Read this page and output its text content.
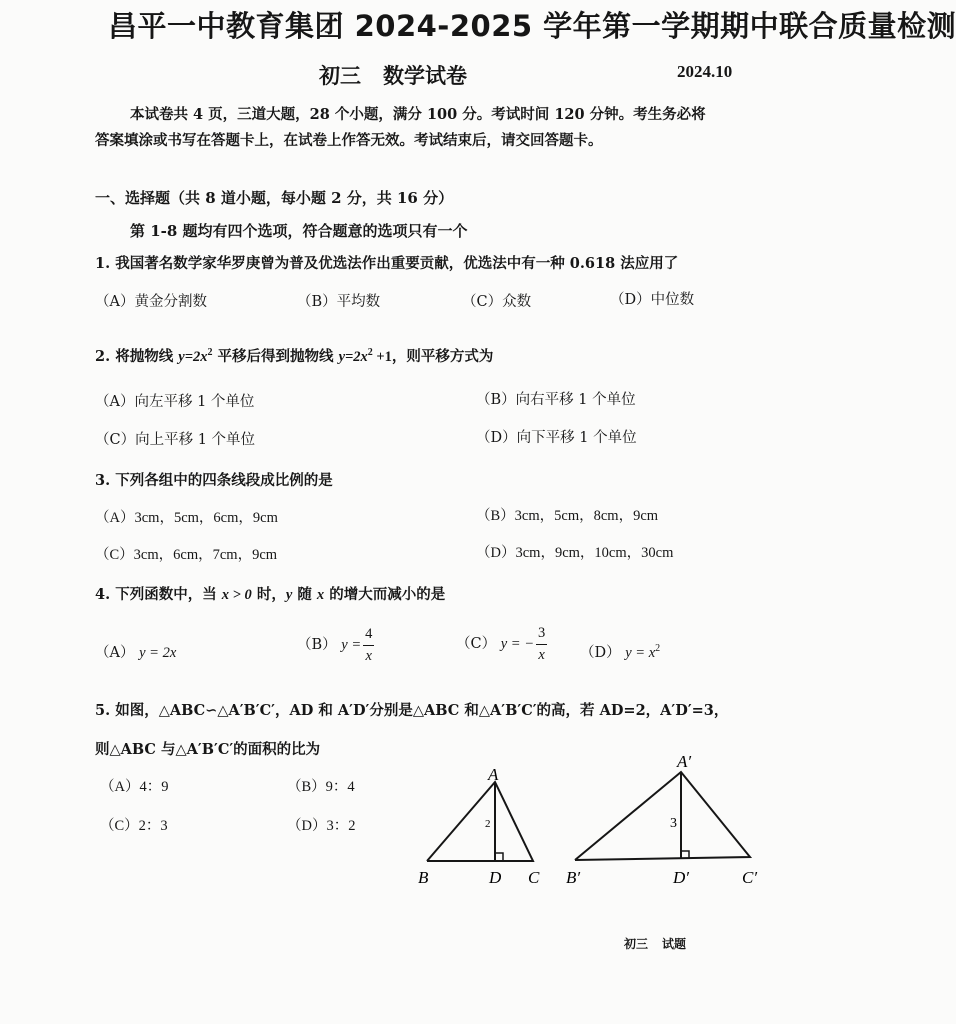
昌平一中教育集团 2024-2025 学年第一学期期中联合质量检测
初三 数学试卷	2024.10
本试卷共 4 页，三道大题，28 个小题，满分 100 分。考试时间 120 分钟。考生务必将
答案填涂或书写在答题卡上，在试卷上作答无效。考试结束后，请交回答题卡。
一、选择题（共 8 道小题，每小题 2 分，共 16 分）
第 1-8 题均有四个选项，符合题意的选项只有一个
1. 我国著名数学家华罗庚曾为普及优选法作出重要贡献，优选法中有一种 0.618 法应用了
（A）黄金分割数	（B）平均数	（C）众数	（D）中位数
2. 将抛物线 $y=2x^2$ 平移后得到抛物线 $y=2x^2 +1$，则平移方式为
（A）向左平移 1 个单位	（B）向右平移 1 个单位
（C）向上平移 1 个单位	（D）向下平移 1 个单位
3. 下列各组中的四条线段成比例的是
（A）3cm，5cm，6cm，9cm	（B）3cm，5cm，8cm，9cm
（C）3cm，6cm，7cm，9cm	（D）3cm，9cm，10cm，30cm
4. 下列函数中，当 x > 0 时，y 随 x 的增大而减小的是
（A） y = 2x	（B） $y = \frac{4}{x}$	（C） y = − $\frac{3}{x} (D) y = x^2$
5. 如图，△ABC∽△A′B′C′，AD 和 A′D′分别是△ABC 和△A′B′C′的高，若 AD=2，A′D′=3，
则△ABC 与△A′B′C′的面积的比为
（A）4：9	（B）9：4
（C）2：3	（D）3：2
A
B	D C
2
A′
B′	D′	C′
3
初三 试题
